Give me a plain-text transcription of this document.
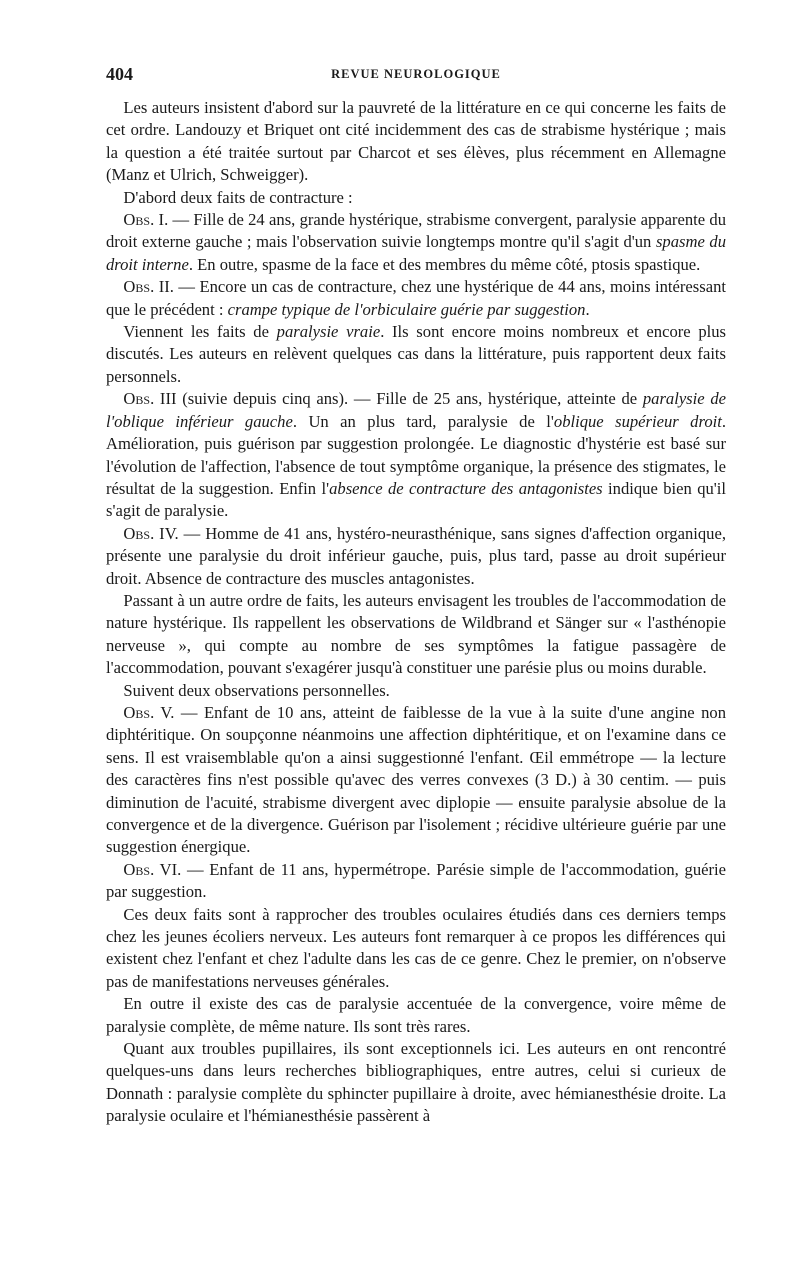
404	REVUE NEUROLOGIQUE

Les auteurs insistent d'abord sur la pauvreté de la littérature en ce qui concerne les faits de cet ordre. Landouzy et Briquet ont cité incidemment des cas de strabisme hystérique ; mais la question a été traitée surtout par Charcot et ses élèves, plus récemment en Allemagne (Manz et Ulrich, Schweigger).

D'abord deux faits de contracture :

Obs. I. — Fille de 24 ans, grande hystérique, strabisme convergent, paralysie apparente du droit externe gauche ; mais l'observation suivie longtemps montre qu'il s'agit d'un spasme du droit interne. En outre, spasme de la face et des membres du même côté, ptosis spastique.

Obs. II. — Encore un cas de contracture, chez une hystérique de 44 ans, moins intéressant que le précédent : crampe typique de l'orbiculaire guérie par suggestion.

Viennent les faits de paralysie vraie. Ils sont encore moins nombreux et encore plus discutés. Les auteurs en relèvent quelques cas dans la littérature, puis rapportent deux faits personnels.

Obs. III (suivie depuis cinq ans). — Fille de 25 ans, hystérique, atteinte de paralysie de l'oblique inférieur gauche. Un an plus tard, paralysie de l'oblique supérieur droit. Amélioration, puis guérison par suggestion prolongée. Le diagnostic d'hystérie est basé sur l'évolution de l'affection, l'absence de tout symptôme organique, la présence des stigmates, le résultat de la suggestion. Enfin l'absence de contracture des antagonistes indique bien qu'il s'agit de paralysie.

Obs. IV. — Homme de 41 ans, hystéro-neurasthénique, sans signes d'affection organique, présente une paralysie du droit inférieur gauche, puis, plus tard, passe au droit supérieur droit. Absence de contracture des muscles antagonistes.

Passant à un autre ordre de faits, les auteurs envisagent les troubles de l'accommodation de nature hystérique. Ils rappellent les observations de Wildbrand et Sänger sur « l'asthénopie nerveuse », qui compte au nombre de ses symptômes la fatigue passagère de l'accommodation, pouvant s'exagérer jusqu'à constituer une parésie plus ou moins durable.

Suivent deux observations personnelles.

Obs. V. — Enfant de 10 ans, atteint de faiblesse de la vue à la suite d'une angine non diphtéritique. On soupçonne néanmoins une affection diphtéritique, et on l'examine dans ce sens. Il est vraisemblable qu'on a ainsi suggestionné l'enfant. Œil emmétrope — la lecture des caractères fins n'est possible qu'avec des verres convexes (3 D.) à 30 centim. — puis diminution de l'acuité, strabisme divergent avec diplopie — ensuite paralysie absolue de la convergence et de la divergence. Guérison par l'isolement ; récidive ultérieure guérie par une suggestion énergique.

Obs. VI. — Enfant de 11 ans, hypermétrope. Parésie simple de l'accommodation, guérie par suggestion.

Ces deux faits sont à rapprocher des troubles oculaires étudiés dans ces derniers temps chez les jeunes écoliers nerveux. Les auteurs font remarquer à ce propos les différences qui existent chez l'enfant et chez l'adulte dans les cas de ce genre. Chez le premier, on n'observe pas de manifestations nerveuses générales.

En outre il existe des cas de paralysie accentuée de la convergence, voire même de paralysie complète, de même nature. Ils sont très rares.

Quant aux troubles pupillaires, ils sont exceptionnels ici. Les auteurs en ont rencontré quelques-uns dans leurs recherches bibliographiques, entre autres, celui si curieux de Donnath : paralysie complète du sphincter pupillaire à droite, avec hémianesthésie droite. La paralysie oculaire et l'hémianesthésie passèrent à
